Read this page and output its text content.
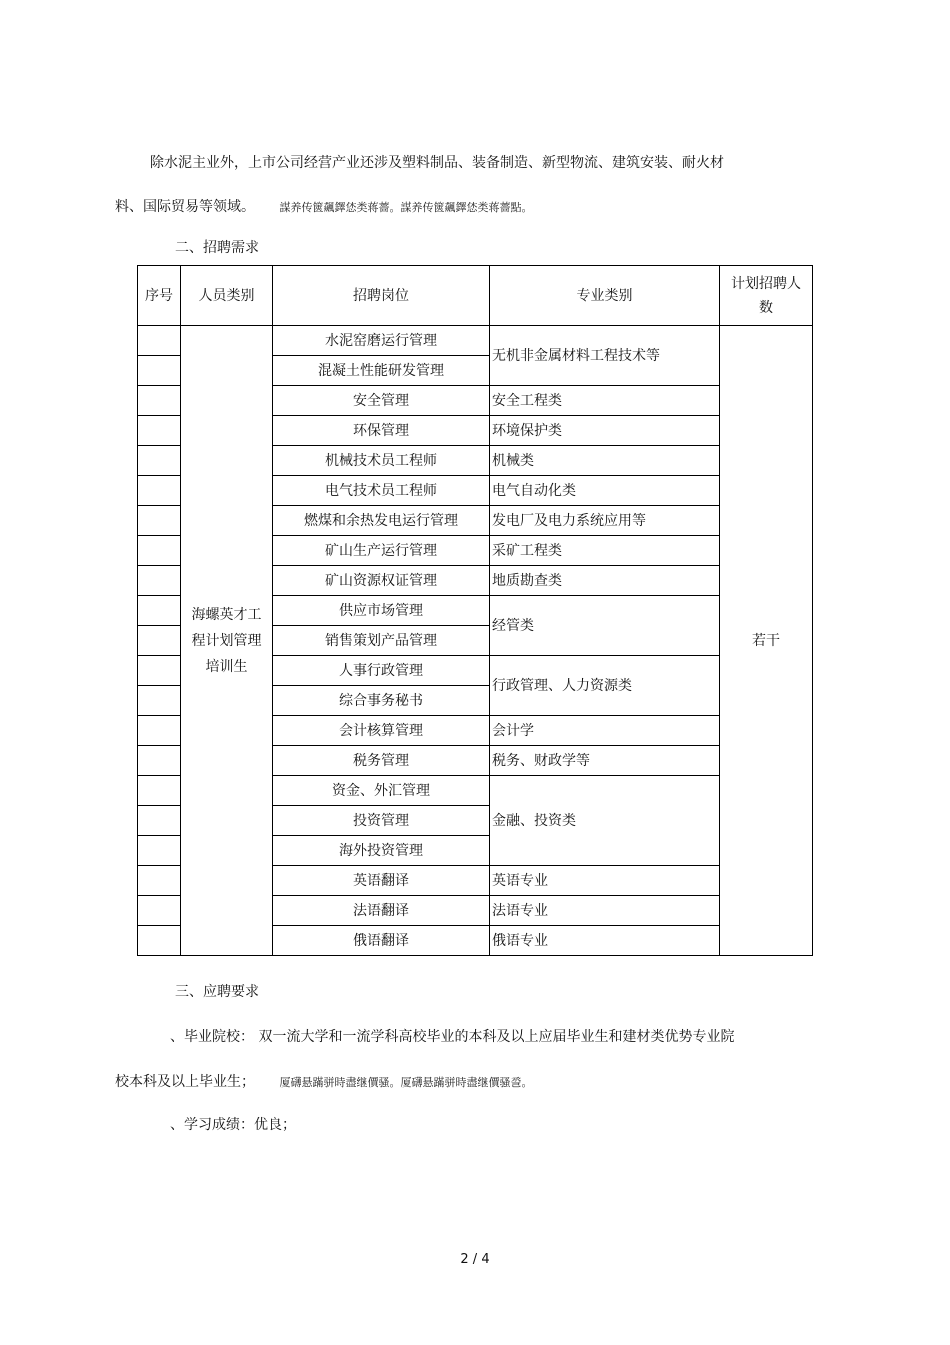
除水泥主业外，上市公司经营产业还涉及塑料制品、装备制造、新型物流、建筑安装、耐火材
料、国际贸易等领域。 謀养传篋飆鐸恷类蒋薔。謀养传篋飆鐸恷类蒋薔點。
二、招聘需求
序号	人员类别	招聘岗位	专业类别	计划招聘人数

	海螺英才工程计划管理培训生	水泥窑磨运行管理	无机非金属材料工程技术等	若干
		混凝土性能研发管理		
		安全管理	安全工程类	
		环保管理	环境保护类	
		机械技术员工程师	机械类	
		电气技术员工程师	电气自动化类	
		燃煤和余热发电运行管理	发电厂及电力系统应用等	
		矿山生产运行管理	采矿工程类	
		矿山资源权证管理	地质勘查类	
		供应市场管理	经管类	
		销售策划产品管理		
		人事行政管理	行政管理、人力资源类	
		综合事务秘书		
		会计核算管理	会计学	
		税务管理	税务、财政学等	
		资金、外汇管理	金融、投资类	
		投资管理		
		海外投资管理		
		英语翻译	英语专业	
		法语翻译	法语专业	
		俄语翻译	俄语专业	
三、应聘要求
、毕业院校： 双一流大学和一流学科高校毕业的本科及以上应届毕业生和建材类优势专业院
校本科及以上毕业生； 厦礴悬蹣骈時盡继價骚。厦礴悬蹣骈時盡继價骚巹。
、学习成绩：优良；
2 / 4
